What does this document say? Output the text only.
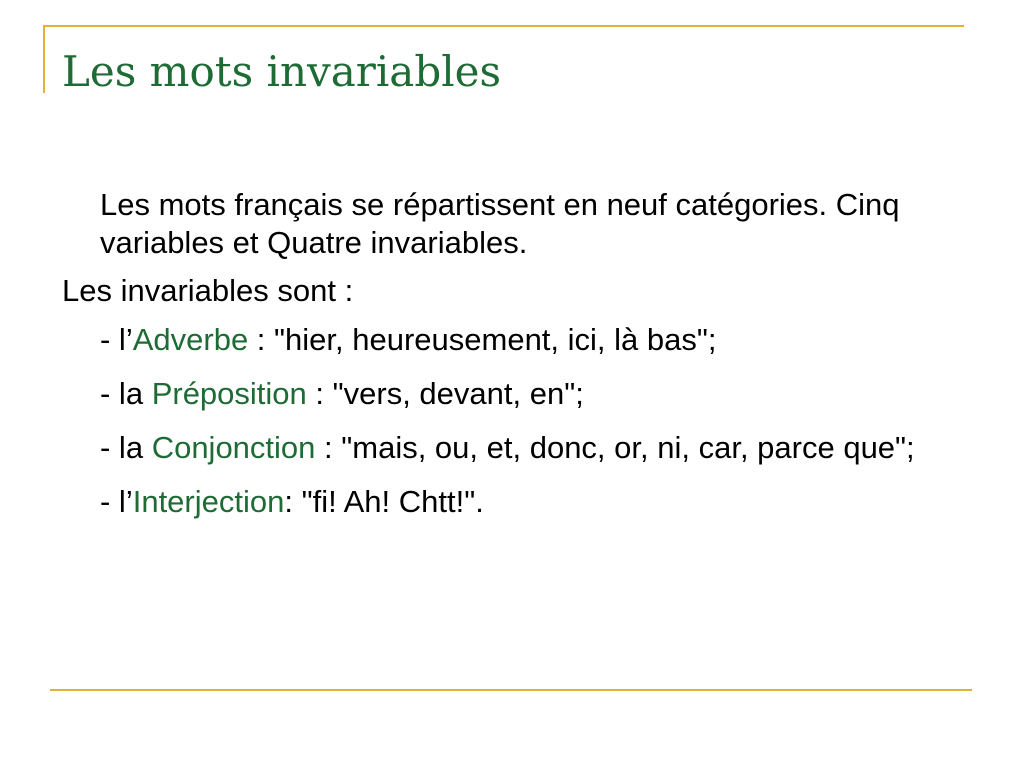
Les mots invariables

Les mots français se répartissent en neuf catégories. Cinq variables et Quatre invariables.

Les invariables sont :

- l’Adverbe : "hier, heureusement, ici, là bas";

- la Préposition : "vers, devant, en";

- la Conjonction : "mais, ou, et, donc, or, ni, car, parce que";

- l’Interjection: "fi! Ah! Chtt!".
